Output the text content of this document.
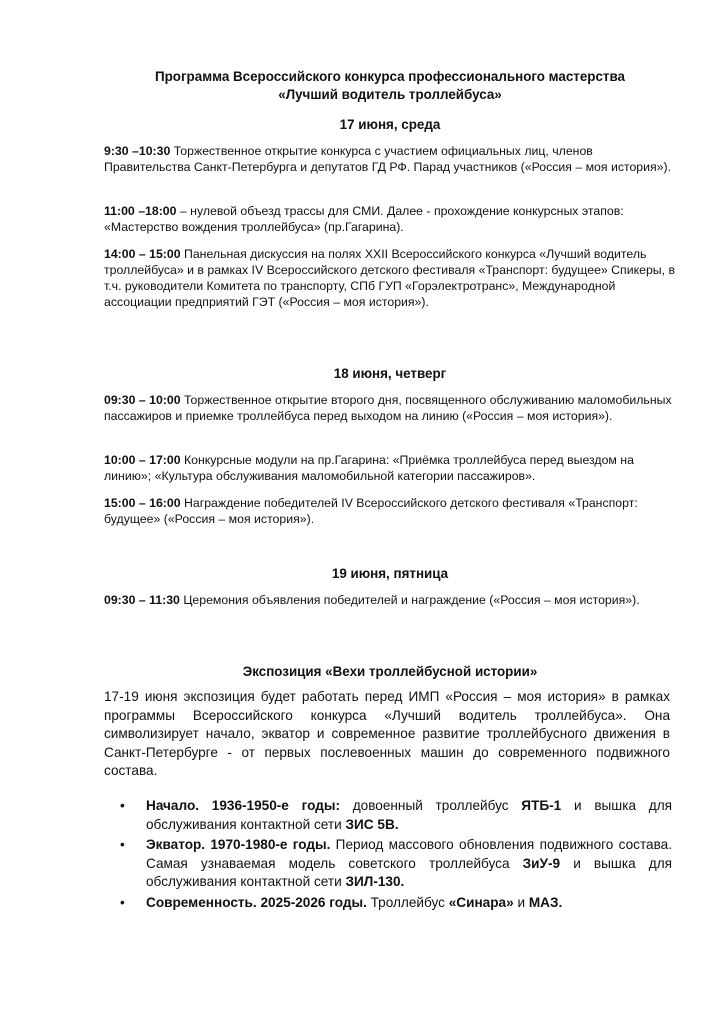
Программа Всероссийского конкурса профессионального мастерства
«Лучший водитель троллейбуса»
17 июня, среда
9:30 –10:30 Торжественное открытие конкурса с участием официальных лиц, членов Правительства Санкт-Петербурга и депутатов ГД РФ. Парад участников («Россия – моя история»).
11:00 –18:00 – нулевой объезд трассы для СМИ. Далее - прохождение конкурсных этапов: «Мастерство вождения троллейбуса» (пр.Гагарина).
14:00 – 15:00 Панельная дискуссия на полях XXII Всероссийского конкурса «Лучший водитель троллейбуса» и в рамках IV Всероссийского детского фестиваля «Транспорт: будущее» Спикеры, в т.ч. руководители Комитета по транспорту, СПб ГУП «Горэлектротранс», Международной ассоциации предприятий ГЭТ («Россия – моя история»).
18 июня, четверг
09:30 – 10:00 Торжественное открытие второго дня, посвященного обслуживанию маломобильных пассажиров и приемке троллейбуса перед выходом на линию («Россия – моя история»).
10:00 – 17:00 Конкурсные модули на пр.Гагарина: «Приёмка троллейбуса перед выездом на линию»; «Культура обслуживания маломобильной категории пассажиров».
15:00 – 16:00 Награждение победителей IV Всероссийского детского фестиваля «Транспорт: будущее» («Россия – моя история»).
19 июня, пятница
09:30 – 11:30 Церемония объявления победителей и награждение («Россия – моя история»).
Экспозиция «Вехи троллейбусной истории»
17-19 июня экспозиция будет работать перед ИМП «Россия – моя история» в рамках программы Всероссийского конкурса «Лучший водитель троллейбуса». Она символизирует начало, экватор и современное развитие троллейбусного движения в Санкт-Петербурге - от первых послевоенных машин до современного подвижного состава.
• Начало. 1936-1950-е годы: довоенный троллейбус ЯТБ-1 и вышка для обслуживания контактной сети ЗИС 5В.
• Экватор. 1970-1980-е годы. Период массового обновления подвижного состава. Самая узнаваемая модель советского троллейбуса ЗиУ-9 и вышка для обслуживания контактной сети ЗИЛ-130.
• Современность. 2025-2026 годы. Троллейбус «Синара» и МАЗ.
